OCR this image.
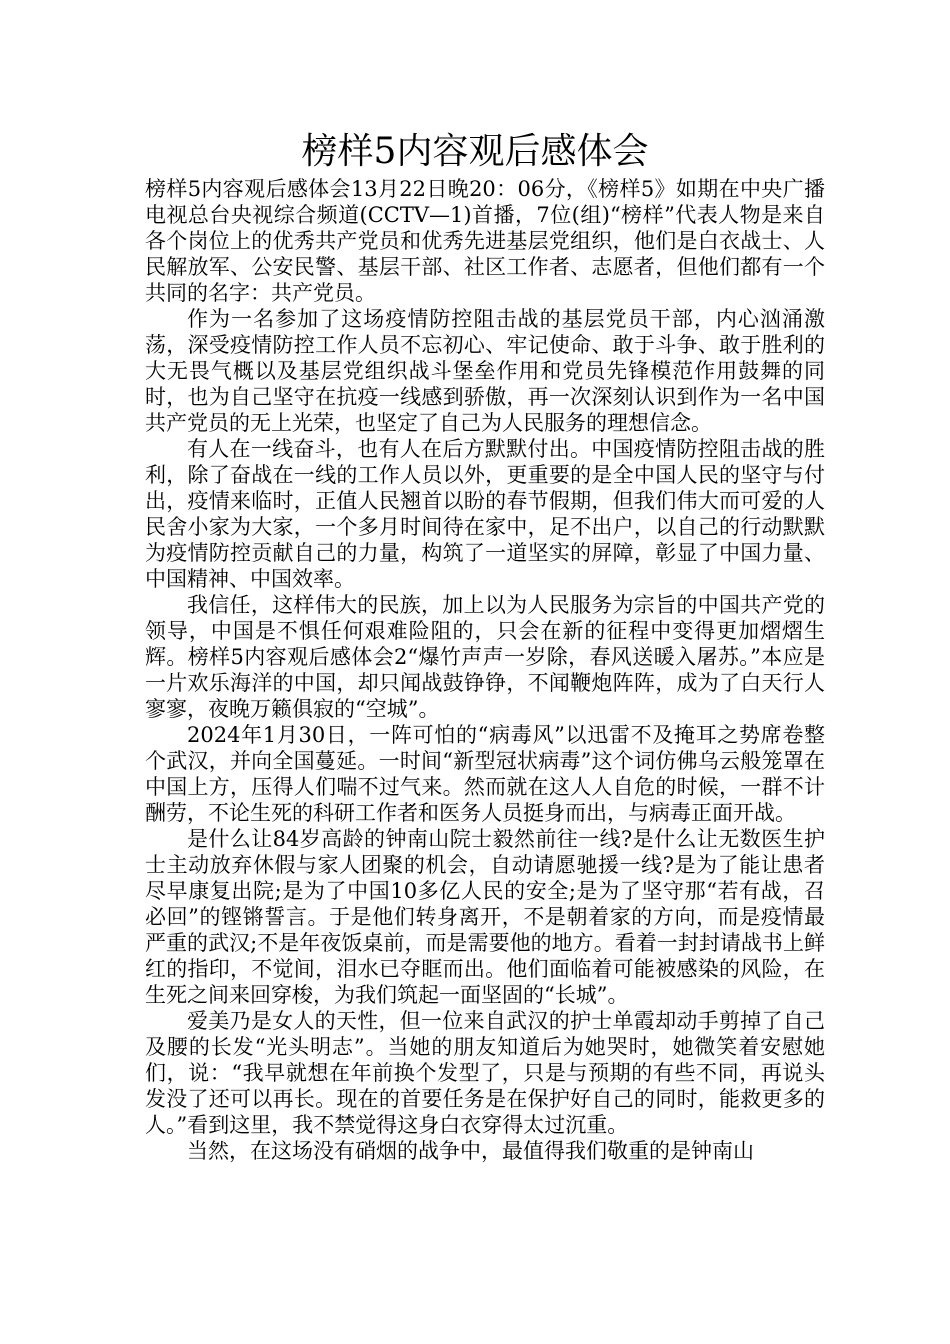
榜样5内容观后感体会

榜样5内容观后感体会13月22日晚20：06分，《榜样5》如期在中央广播电视总台央视综合频道(CCTV—1)首播，7位(组)“榜样”代表人物是来自各个岗位上的优秀共产党员和优秀先进基层党组织，他们是白衣战士、人民解放军、公安民警、基层干部、社区工作者、志愿者，但他们都有一个共同的名字：共产党员。

作为一名参加了这场疫情防控阻击战的基层党员干部，内心汹涌激荡，深受疫情防控工作人员不忘初心、牢记使命、敢于斗争、敢于胜利的大无畏气概以及基层党组织战斗堡垒作用和党员先锋模范作用鼓舞的同时，也为自己坚守在抗疫一线感到骄傲，再一次深刻认识到作为一名中国共产党员的无上光荣，也坚定了自己为人民服务的理想信念。

有人在一线奋斗，也有人在后方默默付出。中国疫情防控阻击战的胜利，除了奋战在一线的工作人员以外，更重要的是全中国人民的坚守与付出，疫情来临时，正值人民翘首以盼的春节假期，但我们伟大而可爱的人民舍小家为大家，一个多月时间待在家中，足不出户，以自己的行动默默为疫情防控贡献自己的力量，构筑了一道坚实的屏障，彰显了中国力量、中国精神、中国效率。

我信任，这样伟大的民族，加上以为人民服务为宗旨的中国共产党的领导，中国是不惧任何艰难险阻的，只会在新的征程中变得更加熠熠生辉。榜样5内容观后感体会2“爆竹声声一岁除，春风送暖入屠苏。”本应是一片欢乐海洋的中国，却只闻战鼓铮铮，不闻鞭炮阵阵，成为了白天行人寥寥，夜晚万籁俱寂的“空城”。

2024年1月30日，一阵可怕的“病毒风”以迅雷不及掩耳之势席卷整个武汉，并向全国蔓延。一时间“新型冠状病毒”这个词仿佛乌云般笼罩在中国上方，压得人们喘不过气来。然而就在这人人自危的时候，一群不计酬劳，不论生死的科研工作者和医务人员挺身而出，与病毒正面开战。

是什么让84岁高龄的钟南山院士毅然前往一线?是什么让无数医生护士主动放弃休假与家人团聚的机会，自动请愿驰援一线?是为了能让患者尽早康复出院;是为了中国10多亿人民的安全;是为了坚守那“若有战，召必回”的铿锵誓言。于是他们转身离开，不是朝着家的方向，而是疫情最严重的武汉;不是年夜饭桌前，而是需要他的地方。看着一封封请战书上鲜红的指印，不觉间，泪水已夺眶而出。他们面临着可能被感染的风险，在生死之间来回穿梭，为我们筑起一面坚固的“长城”。

爱美乃是女人的天性，但一位来自武汉的护士单霞却动手剪掉了自己及腰的长发“光头明志”。当她的朋友知道后为她哭时，她微笑着安慰她们，说：“我早就想在年前换个发型了，只是与预期的有些不同，再说头发没了还可以再长。现在的首要任务是在保护好自己的同时，能救更多的人。”看到这里，我不禁觉得这身白衣穿得太过沉重。

当然，在这场没有硝烟的战争中，最值得我们敬重的是钟南山
